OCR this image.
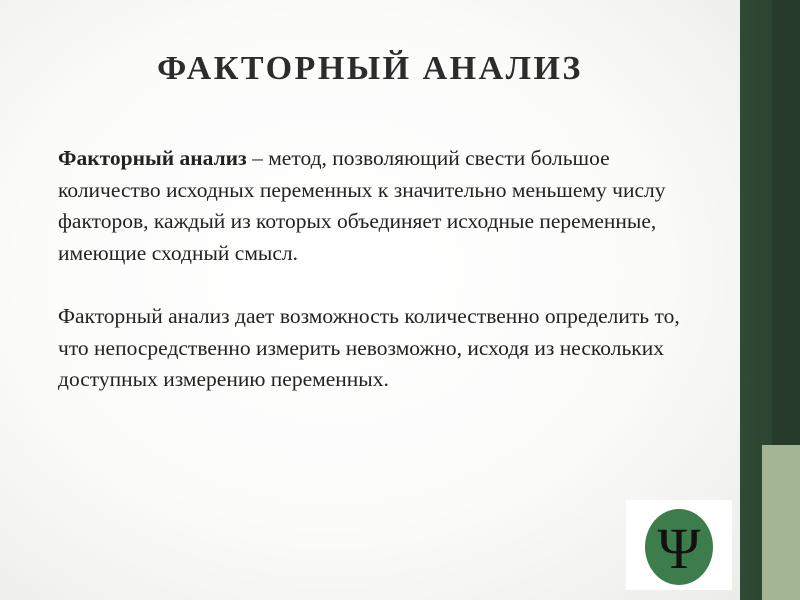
ФАКТОРНЫЙ АНАЛИЗ

Факторный анализ – метод, позволяющий свести большое количество исходных переменных к значительно меньшему числу факторов, каждый из которых объединяет исходные переменные, имеющие сходный смысл.

Факторный анализ дает возможность количественно определить то, что непосредственно измерить невозможно, исходя из нескольких доступных измерению переменных.

Ψ
